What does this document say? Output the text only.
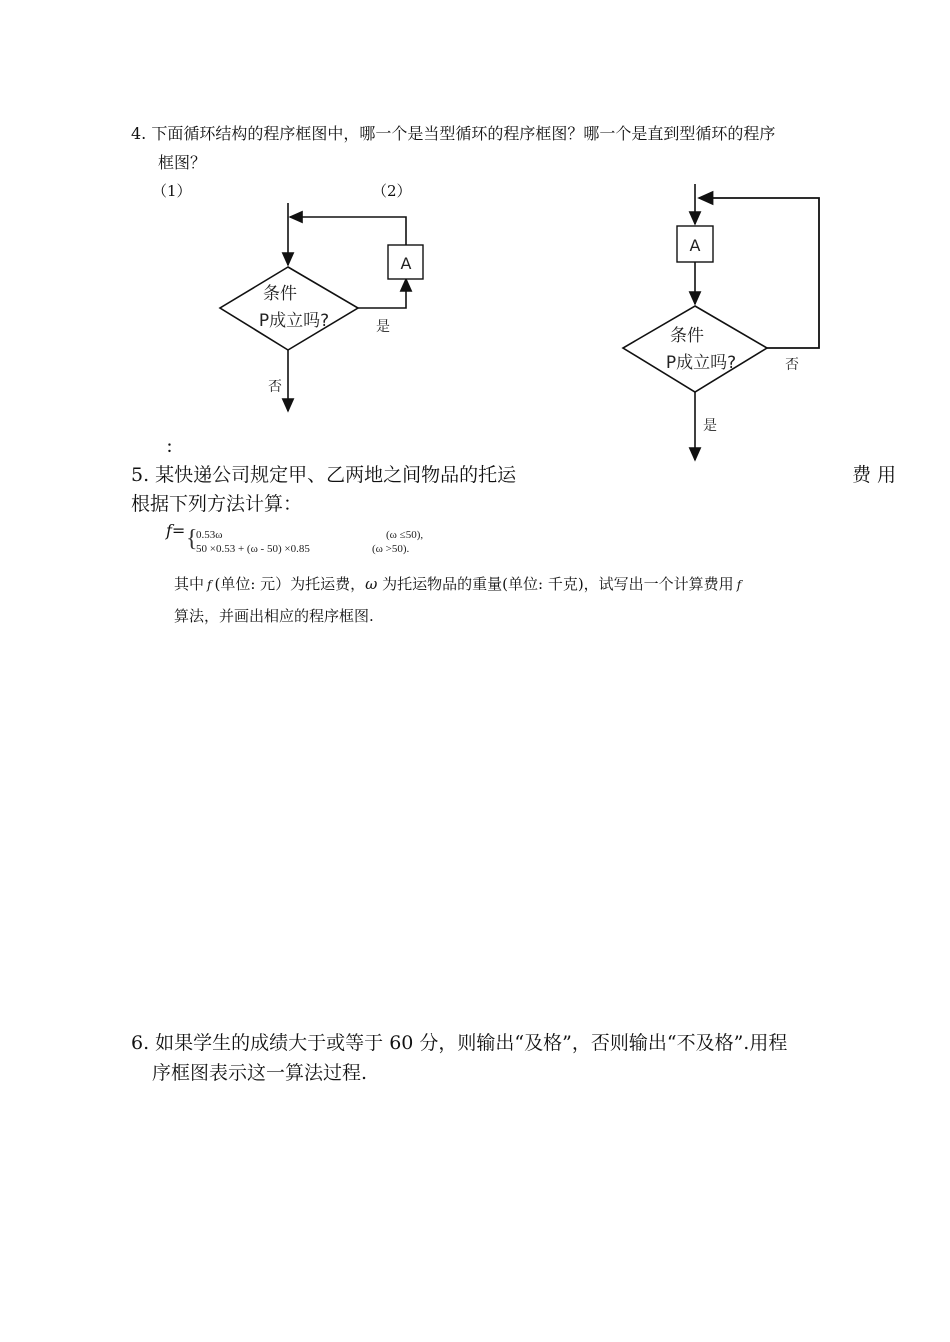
4. 下面循环结构的程序框图中，哪一个是当型循环的程序框图？哪一个是直到型循环的程序
框图？
（1）	（2）
条件
P成立吗?	是
A
否
A
条件
P成立吗?	否
是
：
5. 某快递公司规定甲、乙两地之间物品的托运	费 用
根据下列方法计算：
f= {
0.53ω	(ω ≤50),
50 ×0.53 + (ω - 50) ×0.85	(ω >50).
其中 f (单位: 元）为托运费，ω 为托运物品的重量(单位: 千克)，试写出一个计算费用 f
算法，并画出相应的程序框图.
6. 如果学生的成绩大于或等于 60 分，则输出“及格”，否则输出“不及格”.用程
序框图表示这一算法过程.
